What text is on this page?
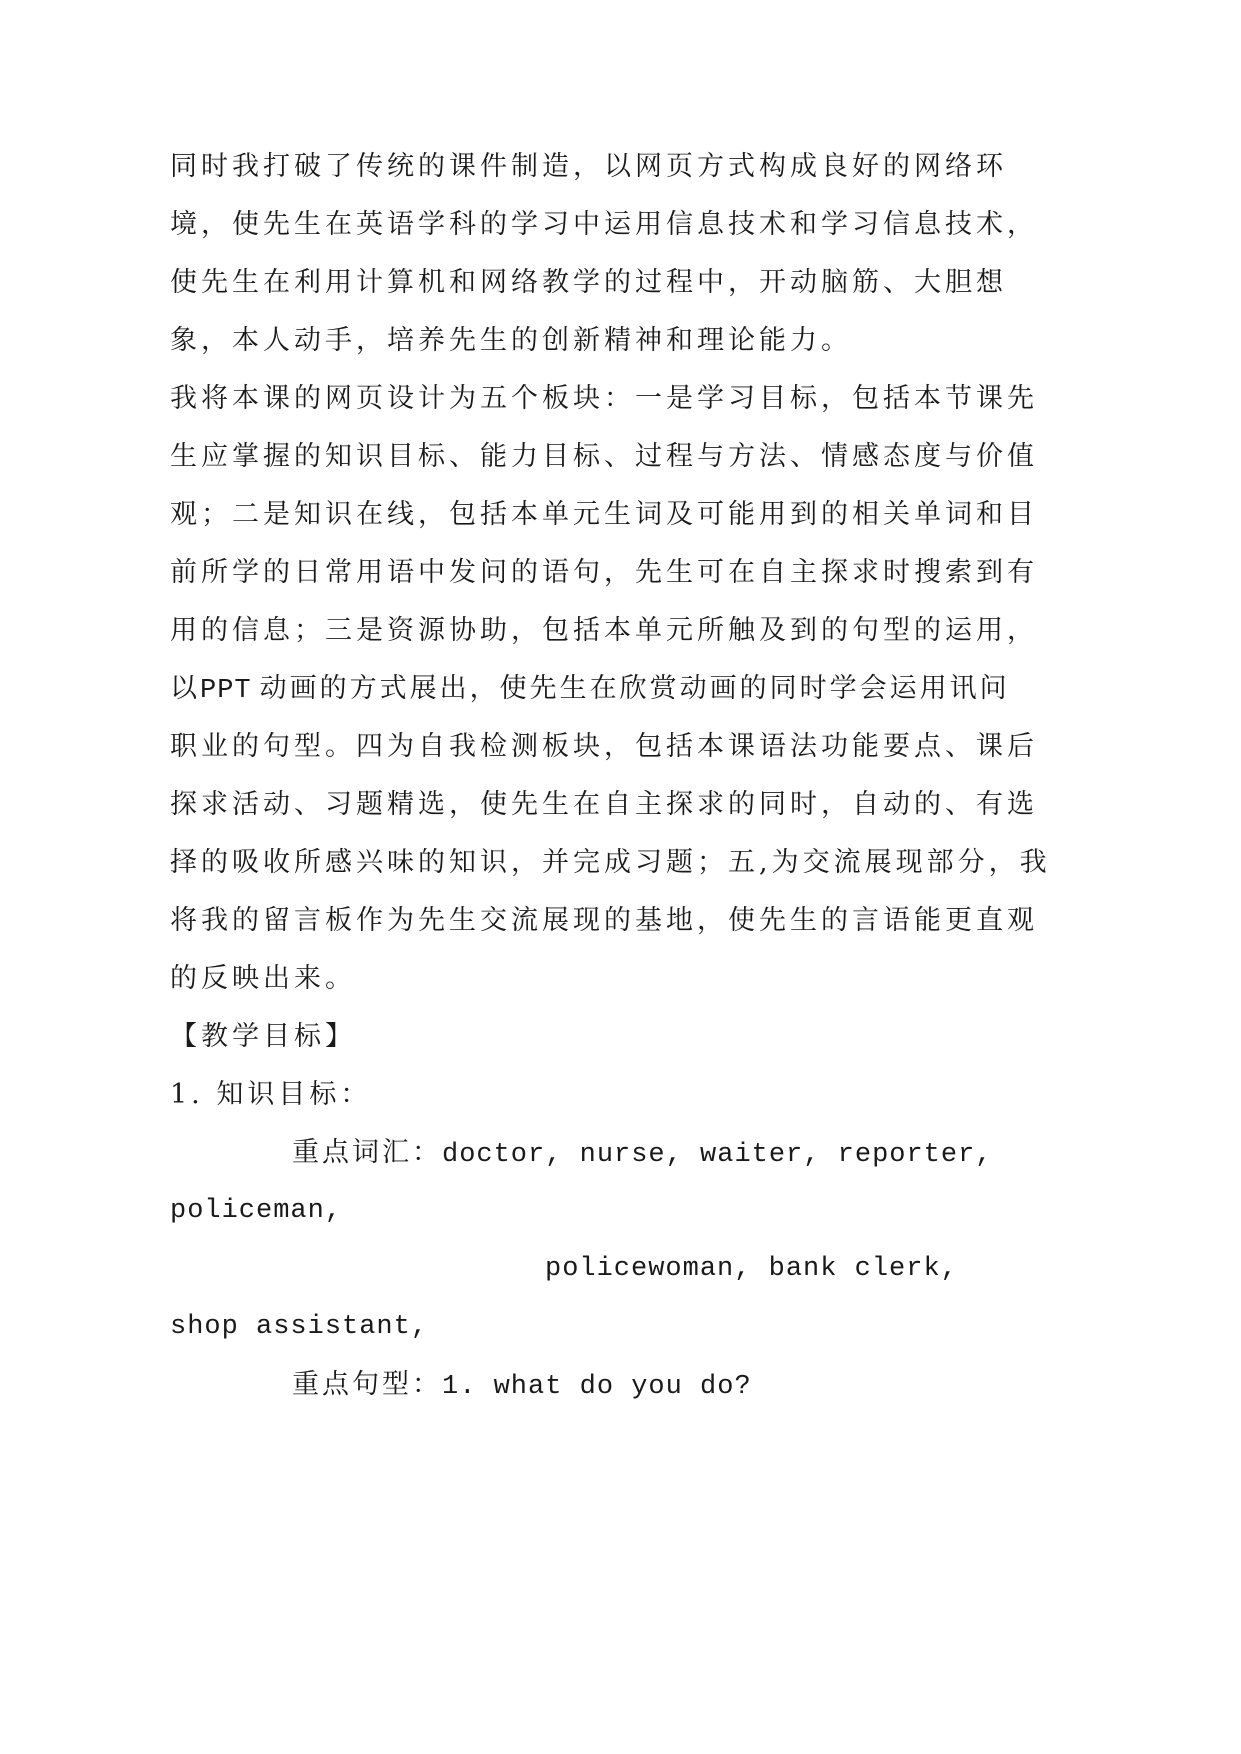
同时我打破了传统的课件制造，以网页方式构成良好的网络环
境，使先生在英语学科的学习中运用信息技术和学习信息技术，
使先生在利用计算机和网络教学的过程中，开动脑筋、大胆想
象，本人动手，培养先生的创新精神和理论能力。
我将本课的网页设计为五个板块：一是学习目标，包括本节课先
生应掌握的知识目标、能力目标、过程与方法、情感态度与价值
观；二是知识在线，包括本单元生词及可能用到的相关单词和目
前所学的日常用语中发问的语句，先生可在自主探求时搜索到有
用的信息；三是资源协助，包括本单元所触及到的句型的运用，
以PPT 动画的方式展出，使先生在欣赏动画的同时学会运用讯问
职业的句型。四为自我检测板块，包括本课语法功能要点、课后
探求活动、习题精选，使先生在自主探求的同时，自动的、有选
择的吸收所感兴味的知识，并完成习题；五,为交流展现部分，我
将我的留言板作为先生交流展现的基地，使先生的言语能更直观
的反映出来。
【教学目标】
1. 知识目标：
重点词汇：doctor, nurse, waiter, reporter,
policeman,
policewoman, bank clerk,
shop assistant,
重点句型：1. what do you do?
